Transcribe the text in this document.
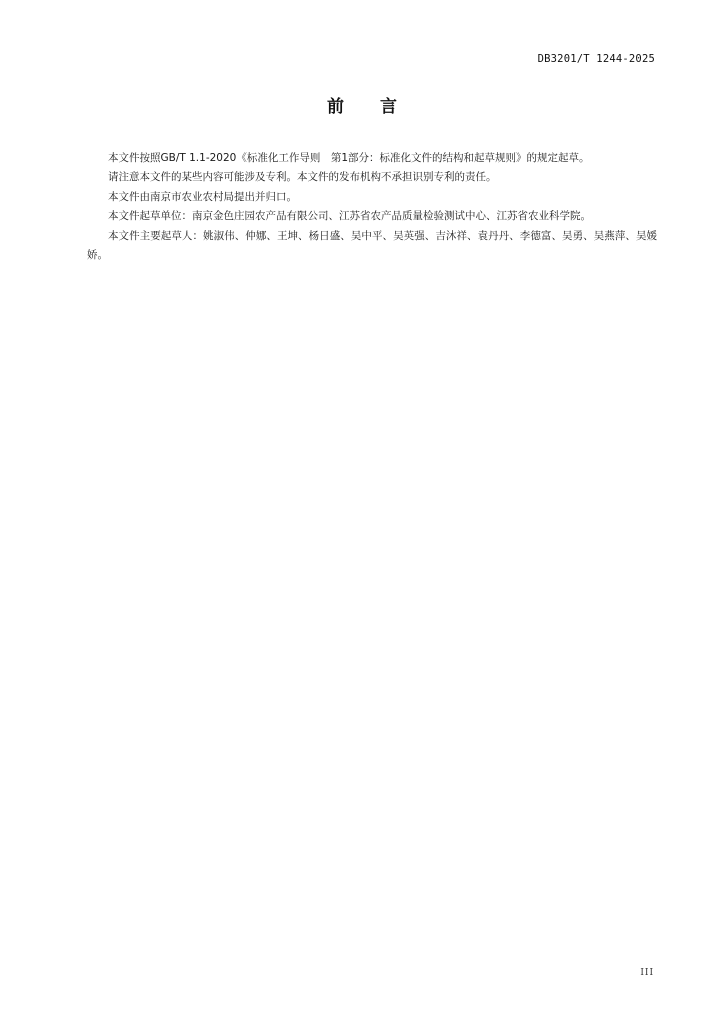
DB3201/T 1244-2025
前言

本文件按照GB/T 1.1-2020《标准化工作导则　第1部分：标准化文件的结构和起草规则》的规定起草。

请注意本文件的某些内容可能涉及专利。本文件的发布机构不承担识别专利的责任。

本文件由南京市农业农村局提出并归口。

本文件起草单位：南京金色庄园农产品有限公司、江苏省农产品质量检验测试中心、江苏省农业科学院。

本文件主要起草人：姚淑伟、仲娜、王坤、杨日盛、吴中平、吴英强、吉沐祥、袁丹丹、李德富、吴勇、吴燕萍、吴媛娇。

III
